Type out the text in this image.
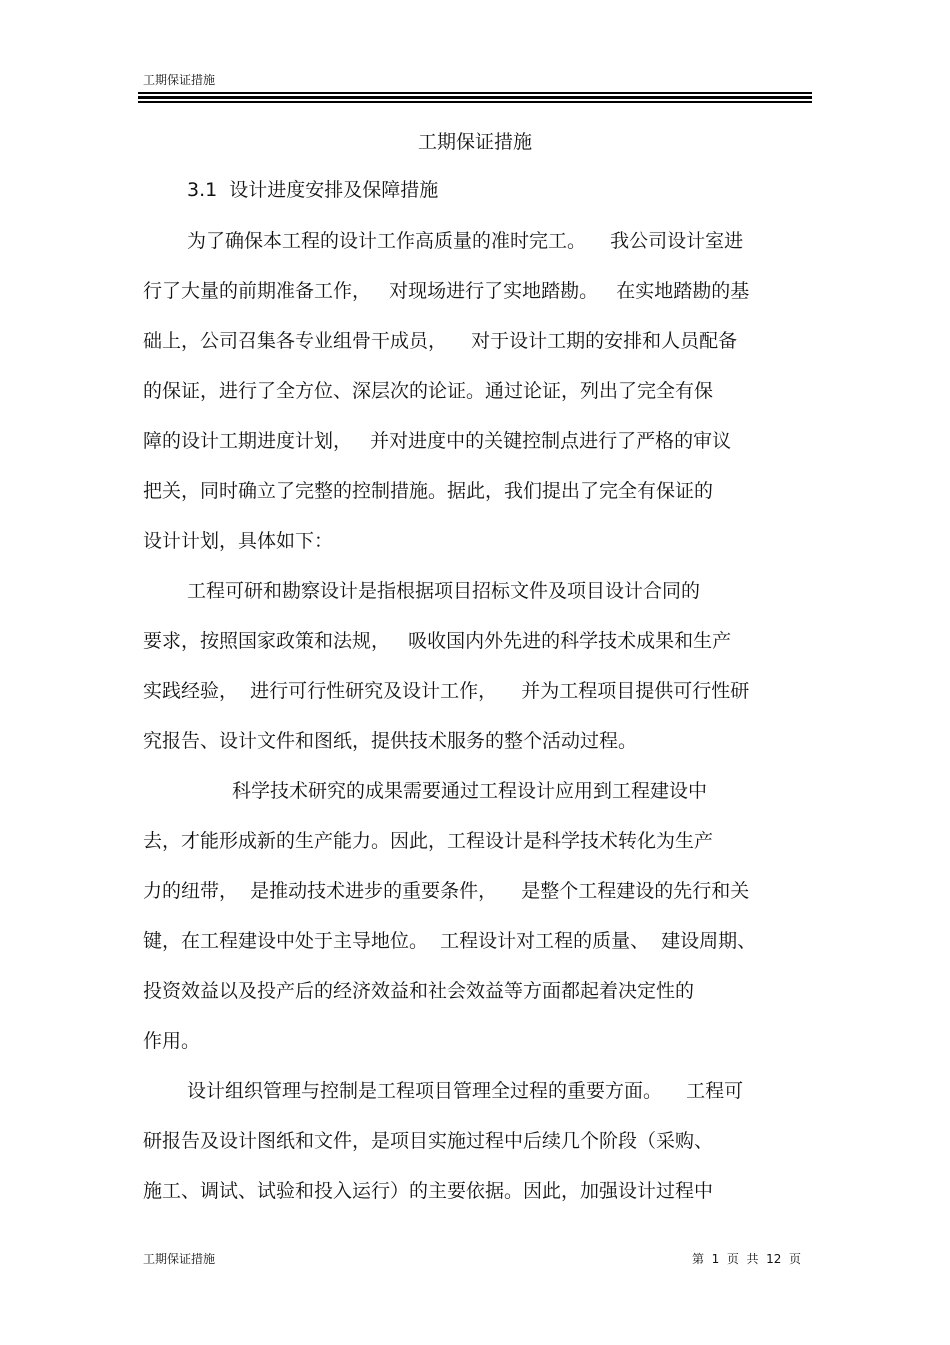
工期保证措施
工期保证措施
3.1  设计进度安排及保障措施
为了确保本工程的设计工作高质量的准时完工。    我公司设计室进
行了大量的前期准备工作，   对现场进行了实地踏勘。   在实地踏勘的基
础上，公司召集各专业组骨干成员，    对于设计工期的安排和人员配备
的保证，进行了全方位、深层次的论证。通过论证，列出了完全有保
障的设计工期进度计划，   并对进度中的关键控制点进行了严格的审议
把关，同时确立了完整的控制措施。据此，我们提出了完全有保证的
设计计划，具体如下：
工程可研和勘察设计是指根据项目招标文件及项目设计合同的
要求，按照国家政策和法规，   吸收国内外先进的科学技术成果和生产
实践经验，  进行可行性研究及设计工作，    并为工程项目提供可行性研
究报告、设计文件和图纸，提供技术服务的整个活动过程。
科学技术研究的成果需要通过工程设计应用到工程建设中
去，才能形成新的生产能力。因此，工程设计是科学技术转化为生产
力的纽带，  是推动技术进步的重要条件，    是整个工程建设的先行和关
键，在工程建设中处于主导地位。  工程设计对工程的质量、  建设周期、
投资效益以及投产后的经济效益和社会效益等方面都起着决定性的
作用。
设计组织管理与控制是工程项目管理全过程的重要方面。    工程可
研报告及设计图纸和文件，是项目实施过程中后续几个阶段（采购、
施工、调试、试验和投入运行）的主要依据。因此，加强设计过程中
工期保证措施	第  1  页  共  12  页
